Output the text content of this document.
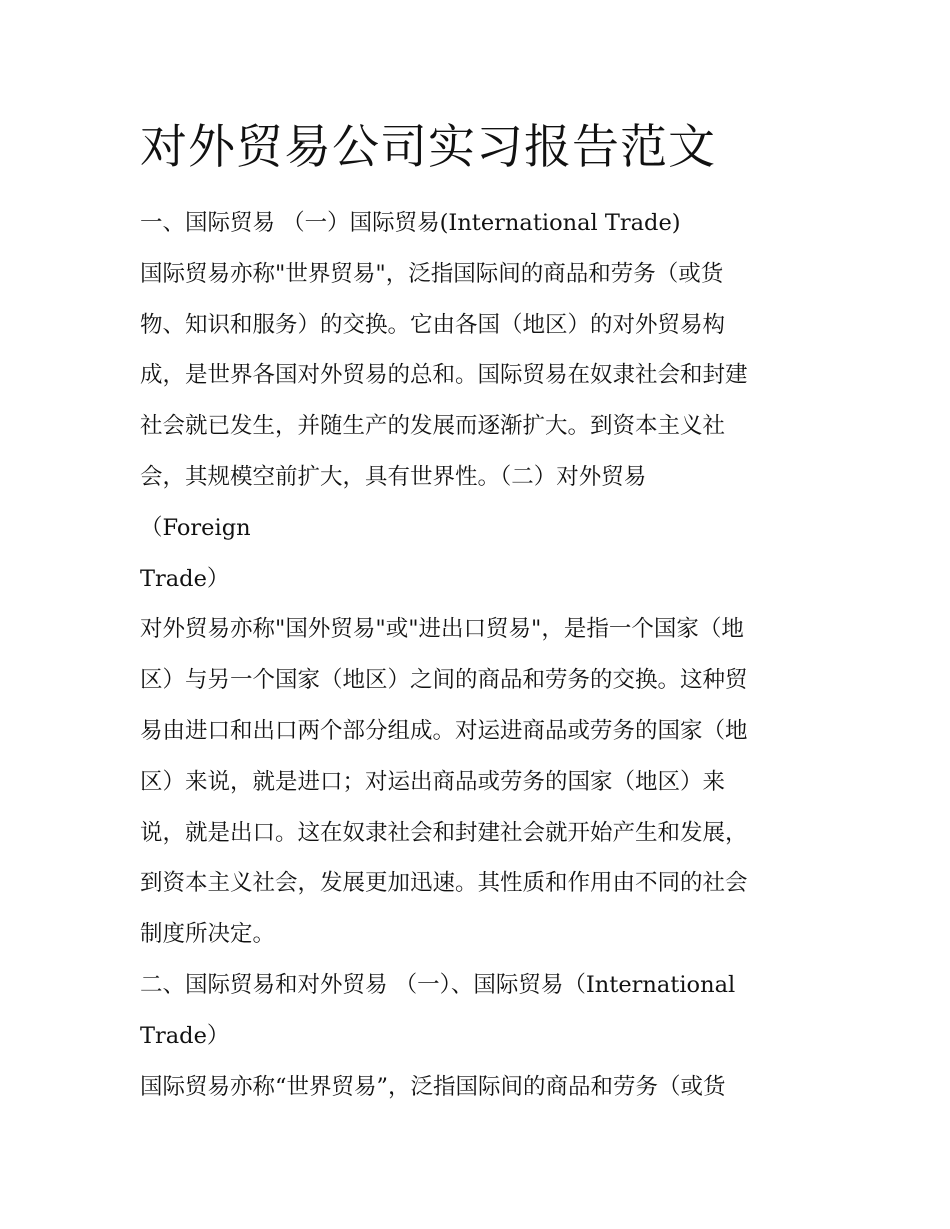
对外贸易公司实习报告范文
一、国际贸易 （一）国际贸易(International Trade)
国际贸易亦称"世界贸易"，泛指国际间的商品和劳务（或货
物、知识和服务）的交换。它由各国（地区）的对外贸易构
成，是世界各国对外贸易的总和。国际贸易在奴隶社会和封建
社会就已发生，并随生产的发展而逐渐扩大。到资本主义社
会，其规模空前扩大，具有世界性。（二）对外贸易
（Foreign
Trade）
对外贸易亦称"国外贸易"或"进出口贸易"，是指一个国家（地
区）与另一个国家（地区）之间的商品和劳务的交换。这种贸
易由进口和出口两个部分组成。对运进商品或劳务的国家（地
区）来说，就是进口；对运出商品或劳务的国家（地区）来
说，就是出口。这在奴隶社会和封建社会就开始产生和发展，
到资本主义社会，发展更加迅速。其性质和作用由不同的社会
制度所决定。
二、国际贸易和对外贸易 （一）、国际贸易（International
Trade）
国际贸易亦称“世界贸易”，泛指国际间的商品和劳务（或货
